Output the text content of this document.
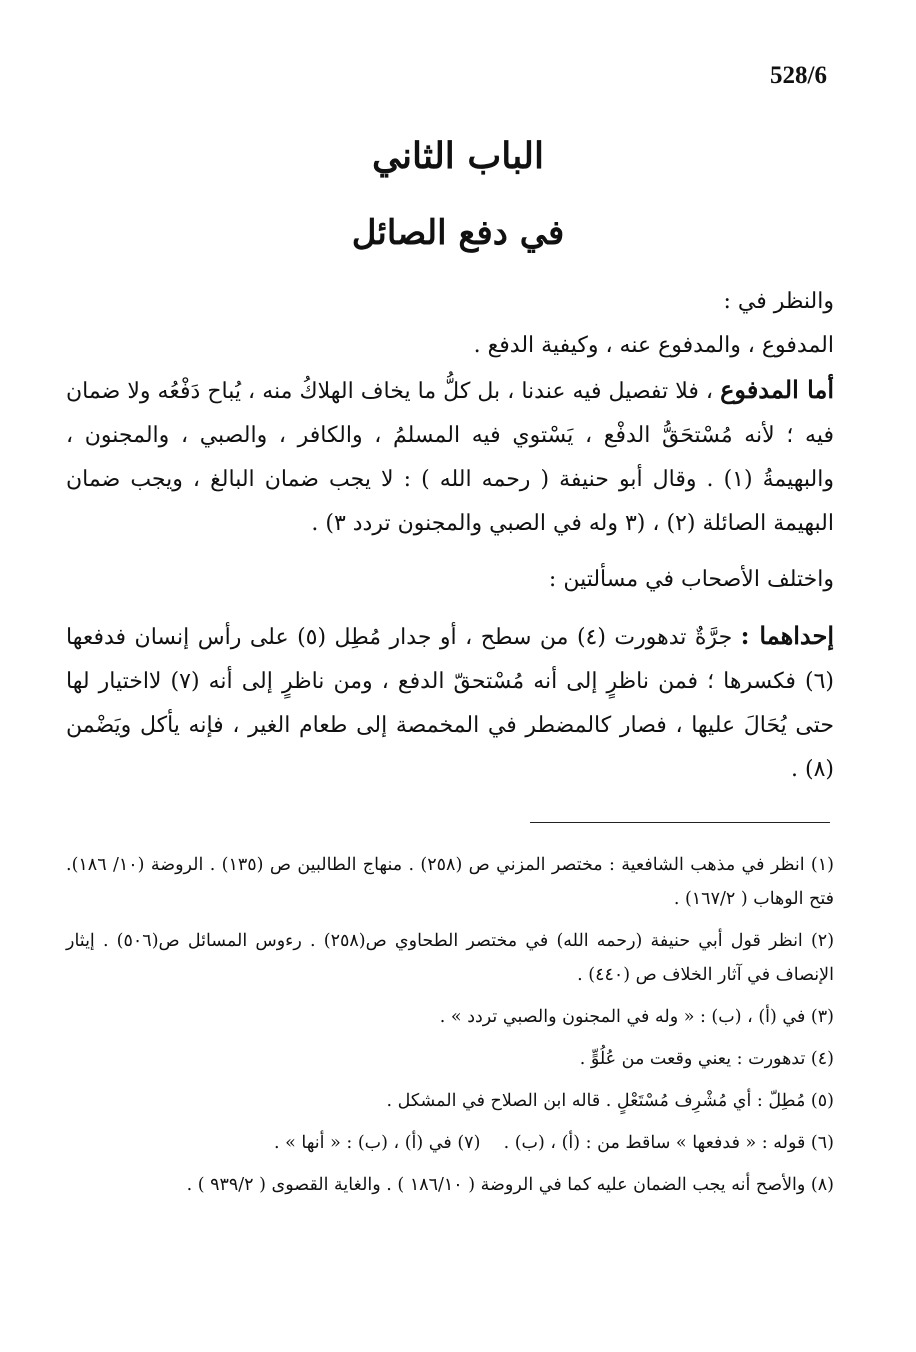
528/6
الباب الثاني
في دفع الصائل

والنظر في :

المدفوع ، والمدفوع عنه ، وكيفية الدفع .

أما المدفوع ، فلا تفصيل فيه عندنا ، بل كلُّ ما يخاف الهلاكُ منه ، يُباح دَفْعُه ولا ضمان فيه ؛ لأنه مُسْتحَقُّ الدفْع ، يَسْتوي فيه المسلمُ ، والكافر ، والصبي ، والمجنون ، والبهيمةُ (١) . وقال أبو حنيفة ( رحمه الله ) : لا يجب ضمان البالغ ، ويجب ضمان البهيمة الصائلة (٢) ، (٣ وله في الصبي والمجنون تردد ٣) .

واختلف الأصحاب في مسألتين :

إحداهما : جرَّةٌ تدهورت (٤) من سطح ، أو جدار مُطِل (٥) على رأس إنسان فدفعها (٦) فكسرها ؛ فمن ناظرٍ إلى أنه مُسْتحقّ الدفع ، ومن ناظرٍ إلى أنه (٧) لااختيار لها حتى يُحَالَ عليها ، فصار كالمضطر في المخمصة إلى طعام الغير ، فإنه يأكل ويَضْمن (٨) .

(١) انظر في مذهب الشافعية : مختصر المزني ص (٢٥٨) . منهاج الطالبين ص (١٣٥) . الروضة (١٠/ ١٨٦). فتح الوهاب ( ١٦٧/٢) .

(٢) انظر قول أبي حنيفة (رحمه الله) في مختصر الطحاوي ص(٢٥٨) . رءوس المسائل ص(٥٠٦) . إيثار الإنصاف في آثار الخلاف ص (٤٤٠) .

(٣) في (أ) ، (ب) : « وله في المجنون والصبي تردد » .

(٤) تدهورت : يعني وقعت من عُلُوٍّ .

(٥) مُطِلّ : أي مُشْرِف مُسْتَعْلٍ . قاله ابن الصلاح في المشكل .

(٦) قوله : « فدفعها » ساقط من : (أ) ، (ب) .
(٧) في (أ) ، (ب) : « أنها » .

(٨) والأصح أنه يجب الضمان عليه كما في الروضة ( ١٨٦/١٠ ) . والغاية القصوى ( ٩٣٩/٢ ) .
